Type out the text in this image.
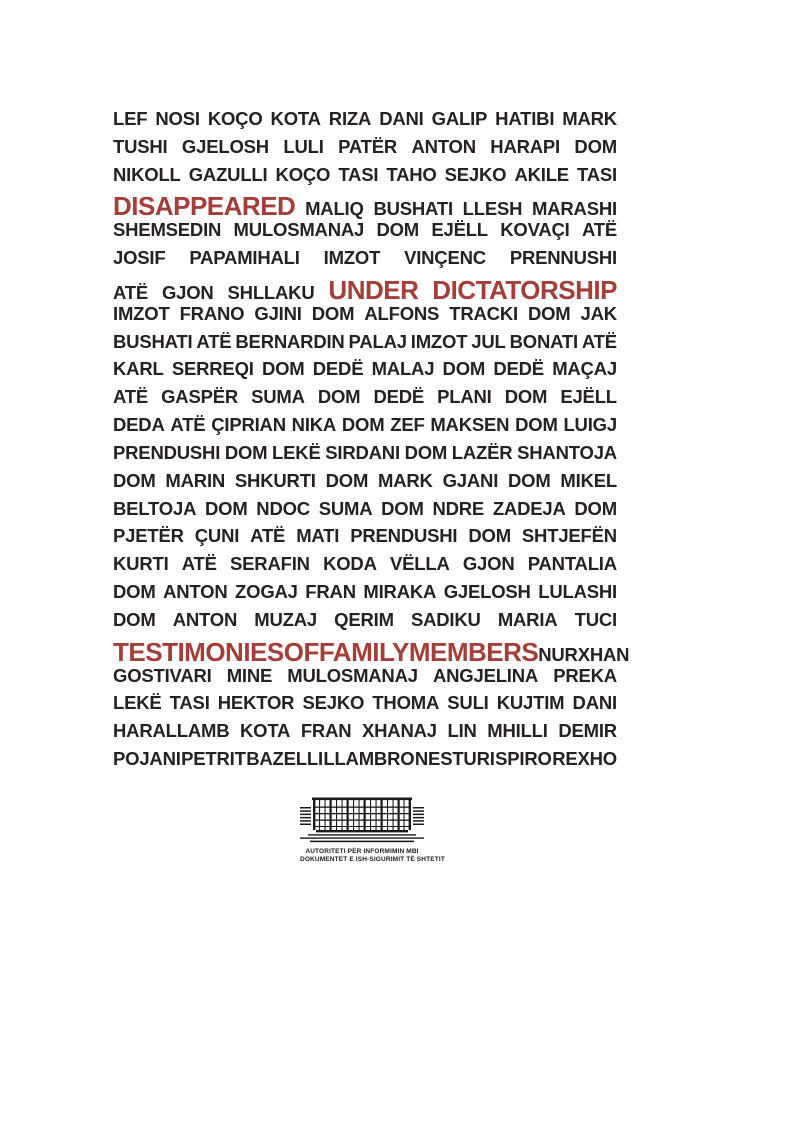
LEF NOSI KOÇO KOTA RIZA DANI GALIP HATIBI MARK
TUSHI GJELOSH LULI PATËR ANTON HARAPI DOM
NIKOLL GAZULLI KOÇO TASI TAHO SEJKO AKILE TASI
DISAPPEARED MALIQ BUSHATI LLESH MARASHI
SHEMSEDIN MULOSMANAJ DOM EJËLL KOVAÇI ATË
JOSIF PAPAMIHALI IMZOT VINÇENC PRENNUSHI
ATË GJON SHLLAKU UNDER DICTATORSHIP
IMZOT FRANO GJINI DOM ALFONS TRACKI DOM JAK
BUSHATI ATË BERNARDIN PALAJ IMZOT JUL BONATI ATË
KARL SERREQI DOM DEDË MALAJ DOM DEDË MAÇAJ
ATË GASPËR SUMA DOM DEDË PLANI DOM EJËLL
DEDA ATË ÇIPRIAN NIKA DOM ZEF MAKSEN DOM LUIGJ
PRENDUSHI DOM LEKË SIRDANI DOM LAZËR SHANTOJA
DOM MARIN SHKURTI DOM MARK GJANI DOM MIKEL
BELTOJA DOM NDOC SUMA DOM NDRE ZADEJA DOM
PJETËR ÇUNI ATË MATI PRENDUSHI DOM SHTJEFËN
KURTI ATË SERAFIN KODA VËLLA GJON PANTALIA
DOM ANTON ZOGAJ FRAN MIRAKA GJELOSH LULASHI
DOM ANTON MUZAJ QERIM SADIKU MARIA TUCI
TESTIMONIES OF FAMILY MEMBERS NURXHAN
GOSTIVARI MINE MULOSMANAJ ANGJELINA PREKA
LEKË TASI HEKTOR SEJKO THOMA SULI KUJTIM DANI
HARALLAMB KOTA FRAN XHANAJ LIN MHILLI DEMIR
POJANI PETRIT BAZELLI LLAMBRO NESTURI SPIRO REXHO
AUTORITETI PËR INFORMIMIN MBI
DOKUMENTET E ISH-SIGURIMIT TË SHTETIT
